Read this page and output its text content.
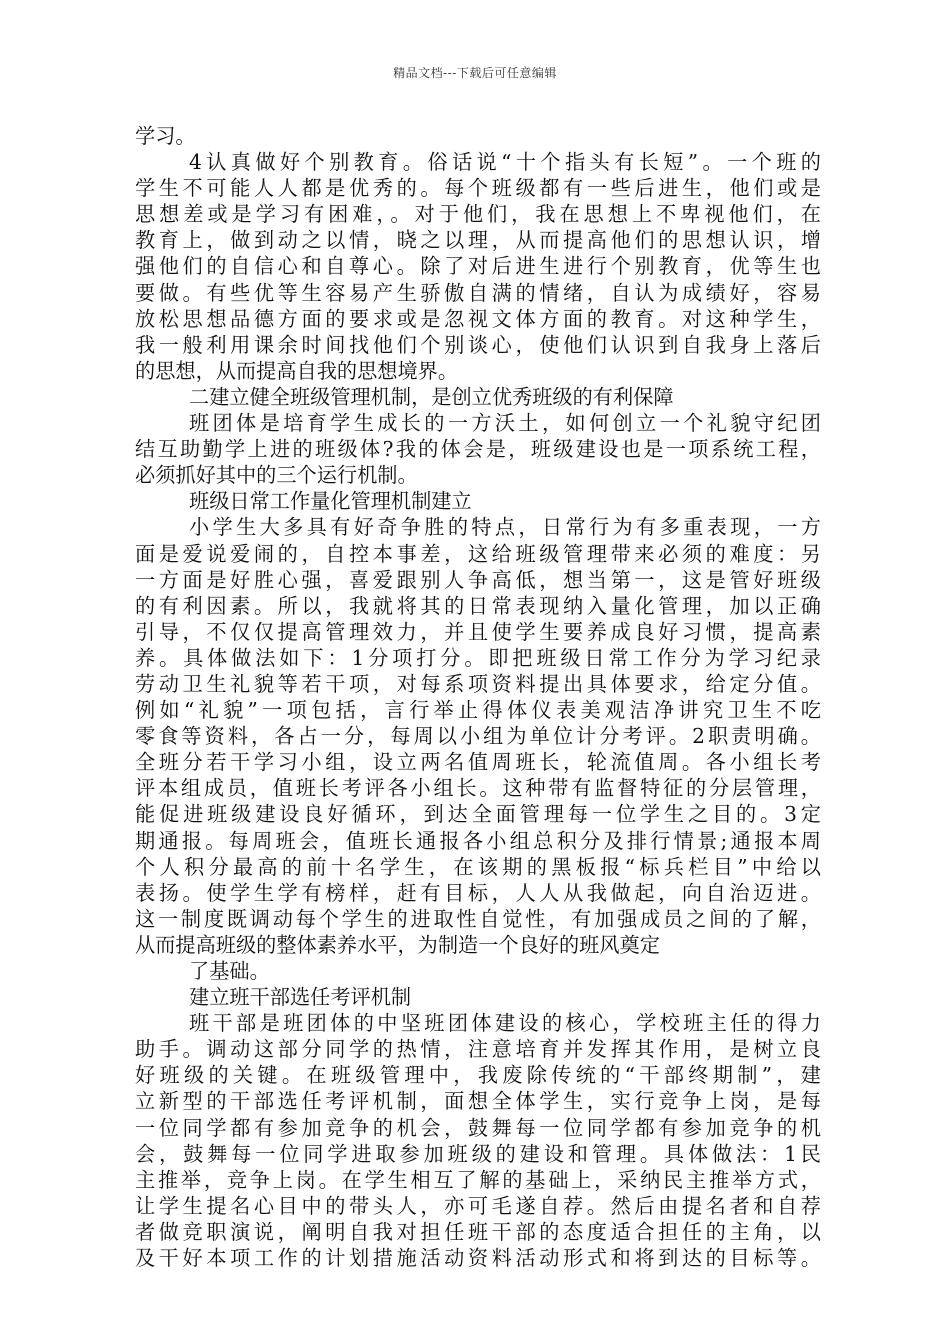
精品文档---下载后可任意编辑
学习。
4认真做好个别教育。俗话说“十个指头有长短”。一个班的
学生不可能人人都是优秀的。每个班级都有一些后进生，他们或是
思想差或是学习有困难，。对于他们，我在思想上不卑视他们，在
教育上，做到动之以情，晓之以理，从而提高他们的思想认识，增
强他们的自信心和自尊心。除了对后进生进行个别教育，优等生也
要做。有些优等生容易产生骄傲自满的情绪，自认为成绩好，容易
放松思想品德方面的要求或是忽视文体方面的教育。对这种学生，
我一般利用课余时间找他们个别谈心，使他们认识到自我身上落后
的思想，从而提高自我的思想境界。
二建立健全班级管理机制，是创立优秀班级的有利保障
班团体是培育学生成长的一方沃土，如何创立一个礼貌守纪团
结互助勤学上进的班级体?我的体会是，班级建设也是一项系统工程，
必须抓好其中的三个运行机制。
班级日常工作量化管理机制建立
小学生大多具有好奇争胜的特点，日常行为有多重表现，一方
面是爱说爱闹的，自控本事差，这给班级管理带来必须的难度：另
一方面是好胜心强，喜爱跟别人争高低，想当第一，这是管好班级
的有利因素。所以，我就将其的日常表现纳入量化管理，加以正确
引导，不仅仅提高管理效力，并且使学生要养成良好习惯，提高素
养。具体做法如下：1分项打分。即把班级日常工作分为学习纪录
劳动卫生礼貌等若干项，对每系项资料提出具体要求，给定分值。
例如“礼貌”一项包括，言行举止得体仪表美观洁净讲究卫生不吃
零食等资料，各占一分，每周以小组为单位计分考评。2职责明确。
全班分若干学习小组，设立两名值周班长，轮流值周。各小组长考
评本组成员，值班长考评各小组长。这种带有监督特征的分层管理，
能促进班级建设良好循环，到达全面管理每一位学生之目的。3定
期通报。每周班会，值班长通报各小组总积分及排行情景;通报本周
个人积分最高的前十名学生，在该期的黑板报“标兵栏目”中给以
表扬。使学生学有榜样，赶有目标，人人从我做起，向自治迈进。
这一制度既调动每个学生的进取性自觉性，有加强成员之间的了解，
从而提高班级的整体素养水平，为制造一个良好的班风奠定
了基础。
建立班干部选任考评机制
班干部是班团体的中坚班团体建设的核心，学校班主任的得力
助手。调动这部分同学的热情，注意培育并发挥其作用，是树立良
好班级的关键。在班级管理中，我废除传统的“干部终期制”，建
立新型的干部选任考评机制，面想全体学生，实行竞争上岗，是每
一位同学都有参加竞争的机会，鼓舞每一位同学都有参加竞争的机
会，鼓舞每一位同学进取参加班级的建设和管理。具体做法：1民
主推举，竞争上岗。在学生相互了解的基础上，采纳民主推举方式，
让学生提名心目中的带头人，亦可毛遂自荐。然后由提名者和自荐
者做竞职演说，阐明自我对担任班干部的态度适合担任的主角，以
及干好本项工作的计划措施活动资料活动形式和将到达的目标等。
